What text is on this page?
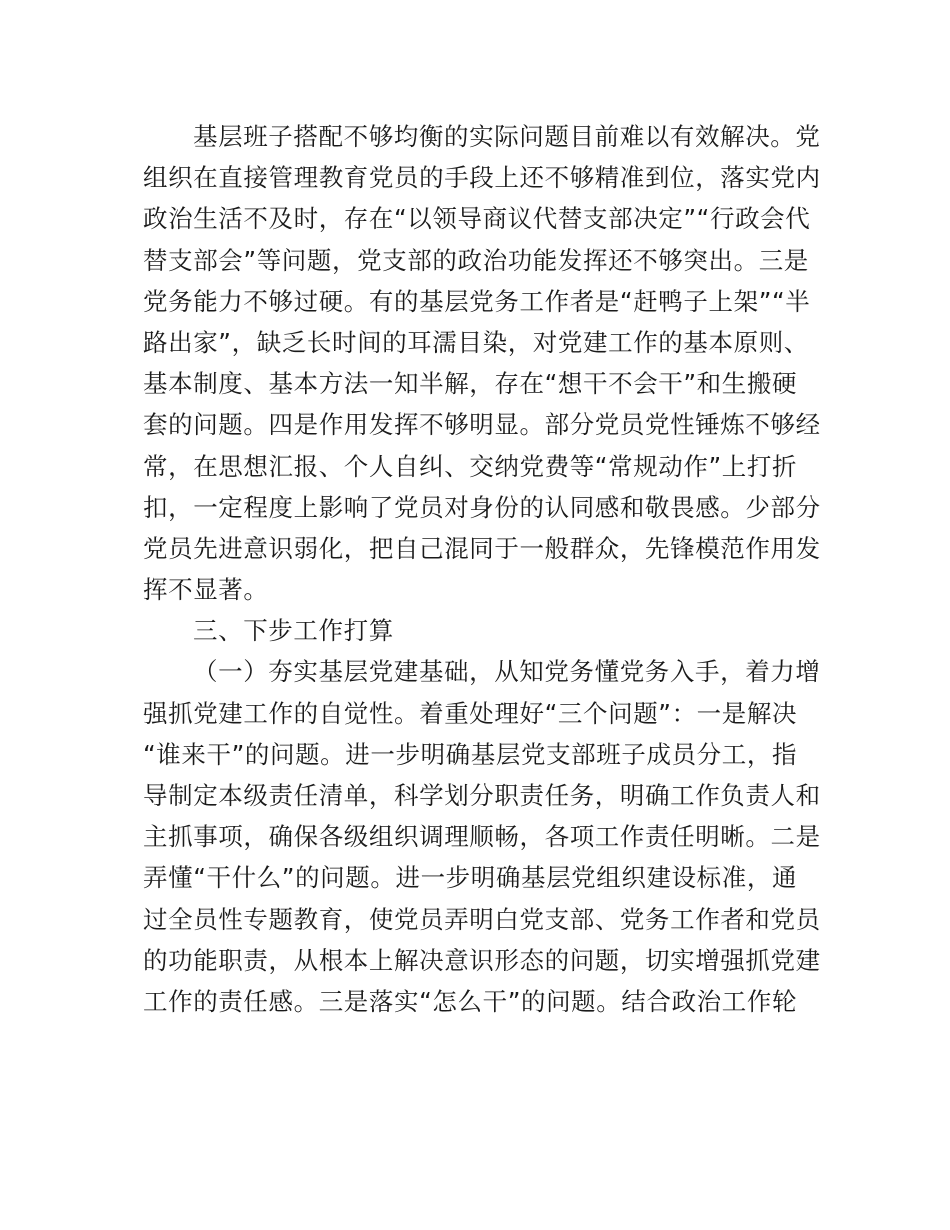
基层班子搭配不够均衡的实际问题目前难以有效解决。党
组织在直接管理教育党员的手段上还不够精准到位，落实党内
政治生活不及时，存在“以领导商议代替支部决定”“行政会代
替支部会”等问题，党支部的政治功能发挥还不够突出。三是
党务能力不够过硬。有的基层党务工作者是“赶鸭子上架”“半
路出家”，缺乏长时间的耳濡目染，对党建工作的基本原则、
基本制度、基本方法一知半解，存在“想干不会干”和生搬硬
套的问题。四是作用发挥不够明显。部分党员党性锤炼不够经
常，在思想汇报、个人自纠、交纳党费等“常规动作”上打折
扣，一定程度上影响了党员对身份的认同感和敬畏感。少部分
党员先进意识弱化，把自己混同于一般群众，先锋模范作用发
挥不显著。
三、下步工作打算
（一）夯实基层党建基础，从知党务懂党务入手，着力增
强抓党建工作的自觉性。着重处理好“三个问题”：一是解决
“谁来干”的问题。进一步明确基层党支部班子成员分工，指
导制定本级责任清单，科学划分职责任务，明确工作负责人和
主抓事项，确保各级组织调理顺畅，各项工作责任明晰。二是
弄懂“干什么”的问题。进一步明确基层党组织建设标准，通
过全员性专题教育，使党员弄明白党支部、党务工作者和党员
的功能职责，从根本上解决意识形态的问题，切实增强抓党建
工作的责任感。三是落实“怎么干”的问题。结合政治工作轮
